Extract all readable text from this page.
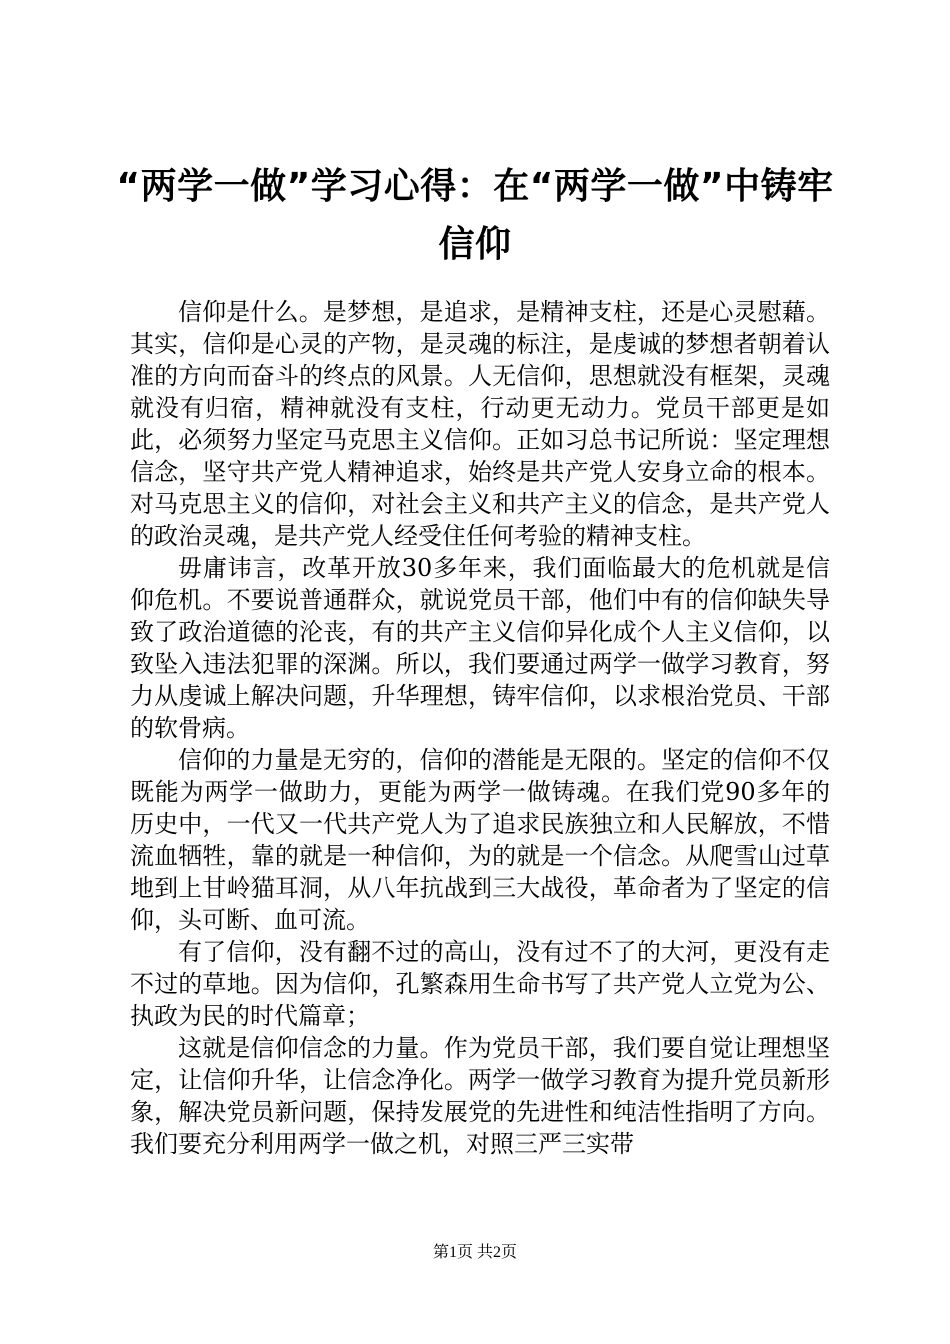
“两学一做”学习心得：在“两学一做”中铸牢信仰

信仰是什么。是梦想，是追求，是精神支柱，还是心灵慰藉。其实，信仰是心灵的产物，是灵魂的标注，是虔诚的梦想者朝着认准的方向而奋斗的终点的风景。人无信仰，思想就没有框架，灵魂就没有归宿，精神就没有支柱，行动更无动力。党员干部更是如此，必须努力坚定马克思主义信仰。正如习总书记所说：坚定理想信念，坚守共产党人精神追求，始终是共产党人安身立命的根本。对马克思主义的信仰，对社会主义和共产主义的信念，是共产党人的政治灵魂，是共产党人经受住任何考验的精神支柱。

毋庸讳言，改革开放30多年来，我们面临最大的危机就是信仰危机。不要说普通群众，就说党员干部，他们中有的信仰缺失导致了政治道德的沦丧，有的共产主义信仰异化成个人主义信仰，以致坠入违法犯罪的深渊。所以，我们要通过两学一做学习教育，努力从虔诚上解决问题，升华理想，铸牢信仰，以求根治党员、干部的软骨病。

信仰的力量是无穷的，信仰的潜能是无限的。坚定的信仰不仅既能为两学一做助力，更能为两学一做铸魂。在我们党90多年的历史中，一代又一代共产党人为了追求民族独立和人民解放，不惜流血牺牲，靠的就是一种信仰，为的就是一个信念。从爬雪山过草地到上甘岭猫耳洞，从八年抗战到三大战役，革命者为了坚定的信仰，头可断、血可流。

有了信仰，没有翻不过的高山，没有过不了的大河，更没有走不过的草地。因为信仰，孔繁森用生命书写了共产党人立党为公、执政为民的时代篇章；

这就是信仰信念的力量。作为党员干部，我们要自觉让理想坚定，让信仰升华，让信念净化。两学一做学习教育为提升党员新形象，解决党员新问题，保持发展党的先进性和纯洁性指明了方向。我们要充分利用两学一做之机，对照三严三实带

第1页 共2页
